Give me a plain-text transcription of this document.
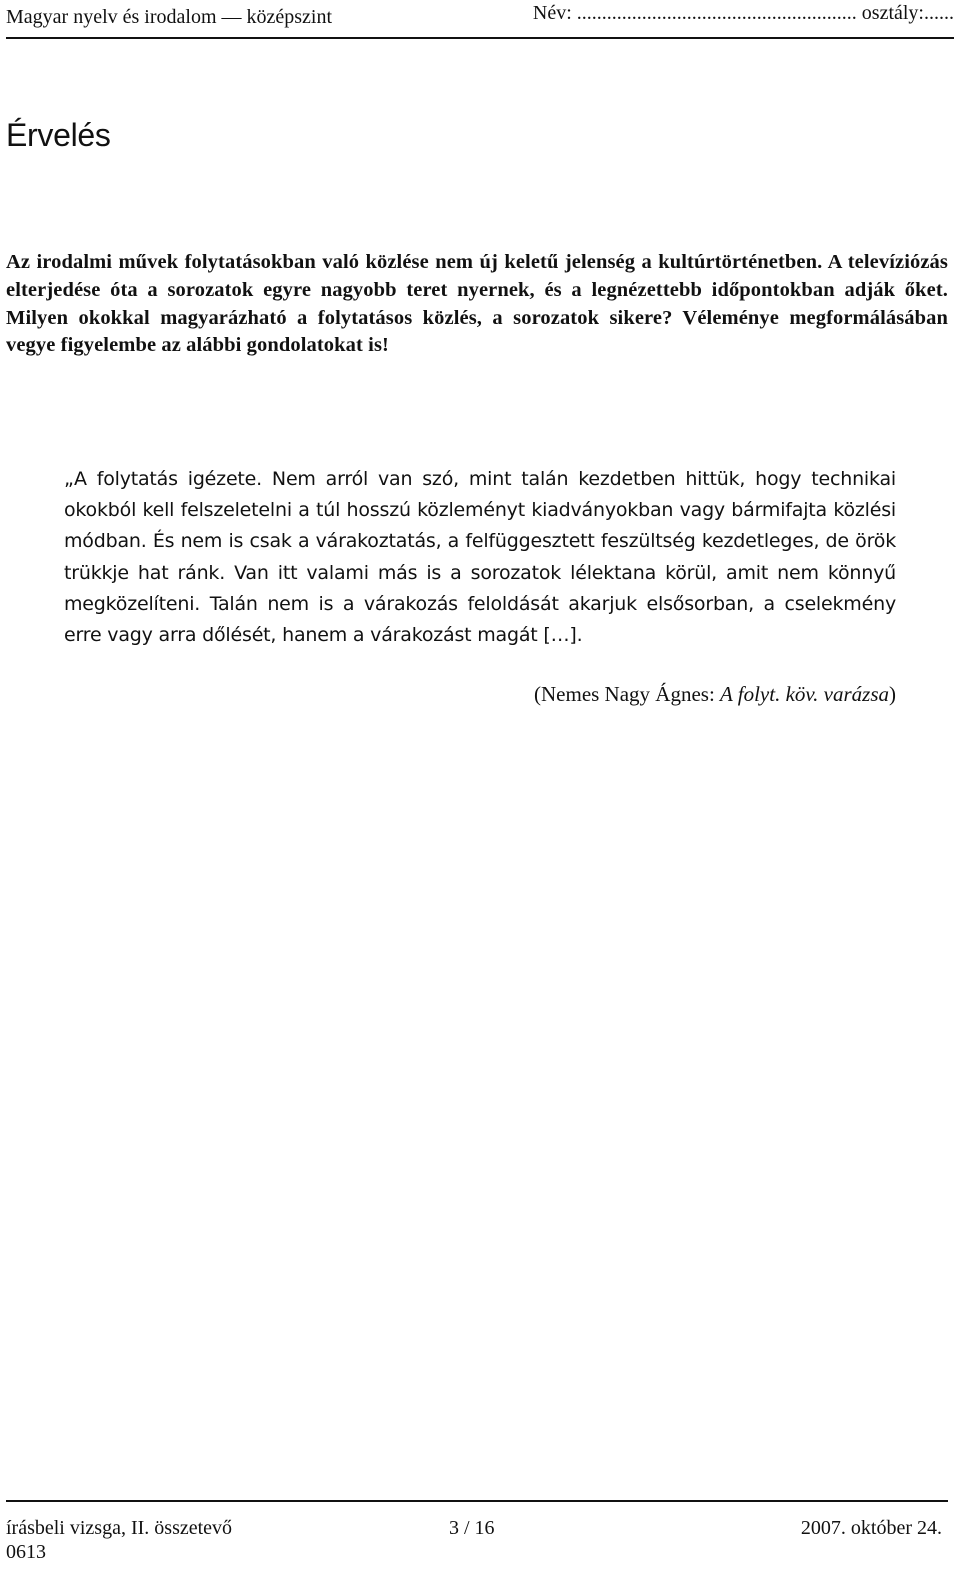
Magyar nyelv és irodalom — középszint	Név: ........................................................ osztály:......
Érvelés

Az irodalmi művek folytatásokban való közlése nem új keletű jelenség a kultúrtörténetben. A televíziózás elterjedése óta a sorozatok egyre nagyobb teret nyernek, és a legnézettebb időpontokban adják őket. Milyen okokkal magyarázható a folytatásos közlés, a sorozatok sikere? Véleménye megformálásában vegye figyelembe az alábbi gondolatokat is!

„A folytatás igézete. Nem arról van szó, mint talán kezdetben hittük, hogy technikai okokból kell felszeletelni a túl hosszú közleményt kiadványokban vagy bármifajta közlési módban. És nem is csak a várakoztatás, a felfüggesztett feszültség kezdetleges, de örök trükkje hat ránk. Van itt valami más is a sorozatok lélektana körül, amit nem könnyű megközelíteni. Talán nem is a várakozás feloldását akarjuk elsősorban, a cselekmény erre vagy arra dőlését, hanem a várakozást magát […].

(Nemes Nagy Ágnes: A folyt. köv. varázsa)
írásbeli vizsga, II. összetevő	3 / 16	2007. október 24.
0613
